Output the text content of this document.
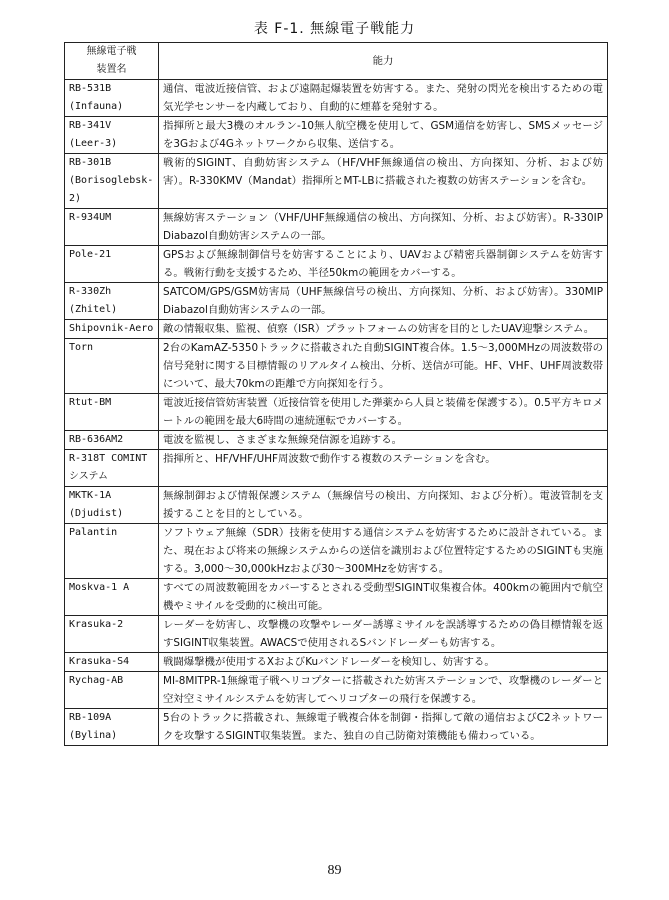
表 F-1. 無線電子戦能力
無線電子戦
装置名	能力
RB-531B
(Infauna)	通信、電波近接信管、および遠隔起爆装置を妨害する。また、発射の閃光を検出するための電気光学センサーを内蔵しており、自動的に煙幕を発射する。
RB-341V
(Leer-3)	指揮所と最大3機のオルラン-10無人航空機を使用して、GSM通信を妨害し、SMSメッセージを3Gおよび4Gネットワークから収集、送信する。
RB-301B
(Borisoglebsk-2)	戦術的SIGINT、自動妨害システム（HF/VHF無線通信の検出、方向探知、分析、および妨害）。R-330KMV（Mandat）指揮所とMT-LBに搭載された複数の妨害ステーションを含む。
R-934UM	無線妨害ステーション（VHF/UHF無線通信の検出、方向探知、分析、および妨害）。R-330IP Diabazol自動妨害システムの一部。
Pole-21	GPSおよび無線制御信号を妨害することにより、UAVおよび精密兵器制御システムを妨害する。戦術行動を支援するため、半径50kmの範囲をカバーする。
R-330Zh
(Zhitel)	SATCOM/GPS/GSM妨害局（UHF無線信号の検出、方向探知、分析、および妨害）。330MIP Diabazol自動妨害システムの一部。
Shipovnik-Aero	敵の情報収集、監視、偵察（ISR）プラットフォームの妨害を目的としたUAV迎撃システム。
Torn	2台のKamAZ-5350トラックに搭載された自動SIGINT複合体。1.5～3,000MHzの周波数帯の信号発射に関する目標情報のリアルタイム検出、分析、送信が可能。HF、VHF、UHF周波数帯について、最大70kmの距離で方向探知を行う。
Rtut-BM	電波近接信管妨害装置（近接信管を使用した弾薬から人員と装備を保護する）。0.5平方キロメートルの範囲を最大6時間の連続運転でカバーする。
RB-636AM2	電波を監視し、さまざまな無線発信源を追跡する。
R-318T COMINT
システム	指揮所と、HF/VHF/UHF周波数で動作する複数のステーションを含む。
MKTK-1A
(Djudist)	無線制御および情報保護システム（無線信号の検出、方向探知、および分析）。電波管制を支援することを目的としている。
Palantin	ソフトウェア無線（SDR）技術を使用する通信システムを妨害するために設計されている。また、現在および将来の無線システムからの送信を識別および位置特定するためのSIGINTも実施する。3,000～30,000kHzおよび30～300MHzを妨害する。
Moskva-1 A	すべての周波数範囲をカバーするとされる受動型SIGINT収集複合体。400kmの範囲内で航空機やミサイルを受動的に検出可能。
Krasuka-2	レーダーを妨害し、攻撃機の攻撃やレーダー誘導ミサイルを誤誘導するための偽目標情報を返すSIGINT収集装置。AWACSで使用されるSバンドレーダーも妨害する。
Krasuka-S4	戦闘爆撃機が使用するXおよびKuバンドレーダーを検知し、妨害する。
Rychag-AB	MI-8MITPR-1無線電子戦ヘリコプターに搭載された妨害ステーションで、攻撃機のレーダーと空対空ミサイルシステムを妨害してヘリコプターの飛行を保護する。
RB-109A
(Bylina)	5台のトラックに搭載され、無線電子戦複合体を制御・指揮して敵の通信およびC2ネットワークを攻撃するSIGINT収集装置。また、独自の自己防衛対策機能も備わっている。
89
